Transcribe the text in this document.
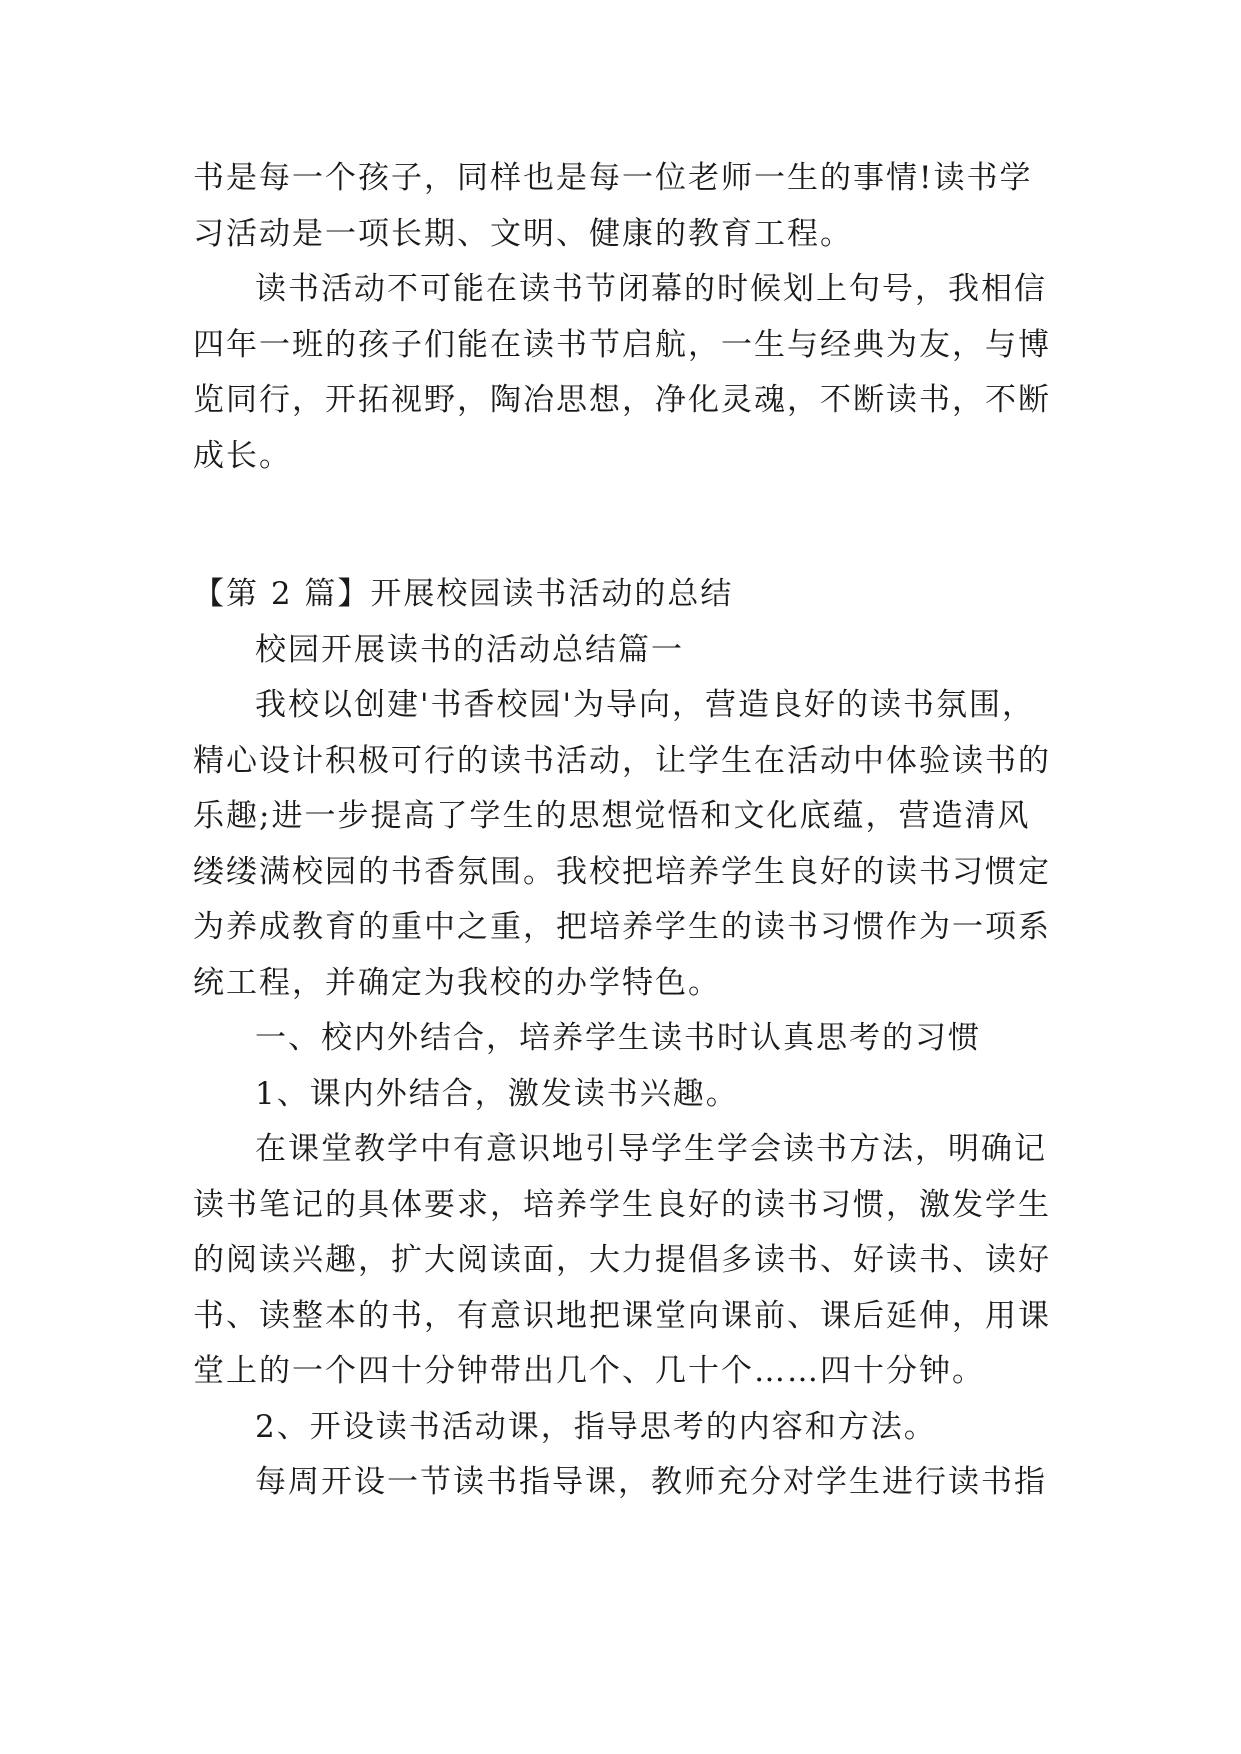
书是每一个孩子，同样也是每一位老师一生的事情!读书学
习活动是一项长期、文明、健康的教育工程。
读书活动不可能在读书节闭幕的时候划上句号，我相信
四年一班的孩子们能在读书节启航，一生与经典为友，与博
览同行，开拓视野，陶冶思想，净化灵魂，不断读书，不断
成长。
【第 2 篇】开展校园读书活动的总结
校园开展读书的活动总结篇一
我校以创建'书香校园'为导向，营造良好的读书氛围，
精心设计积极可行的读书活动，让学生在活动中体验读书的
乐趣;进一步提高了学生的思想觉悟和文化底蕴，营造清风
缕缕满校园的书香氛围。我校把培养学生良好的读书习惯定
为养成教育的重中之重，把培养学生的读书习惯作为一项系
统工程，并确定为我校的办学特色。
一、校内外结合，培养学生读书时认真思考的习惯
1、课内外结合，激发读书兴趣。
在课堂教学中有意识地引导学生学会读书方法，明确记
读书笔记的具体要求，培养学生良好的读书习惯，激发学生
的阅读兴趣，扩大阅读面，大力提倡多读书、好读书、读好
书、读整本的书，有意识地把课堂向课前、课后延伸，用课
堂上的一个四十分钟带出几个、几十个……四十分钟。
2、开设读书活动课，指导思考的内容和方法。
每周开设一节读书指导课，教师充分对学生进行读书指
